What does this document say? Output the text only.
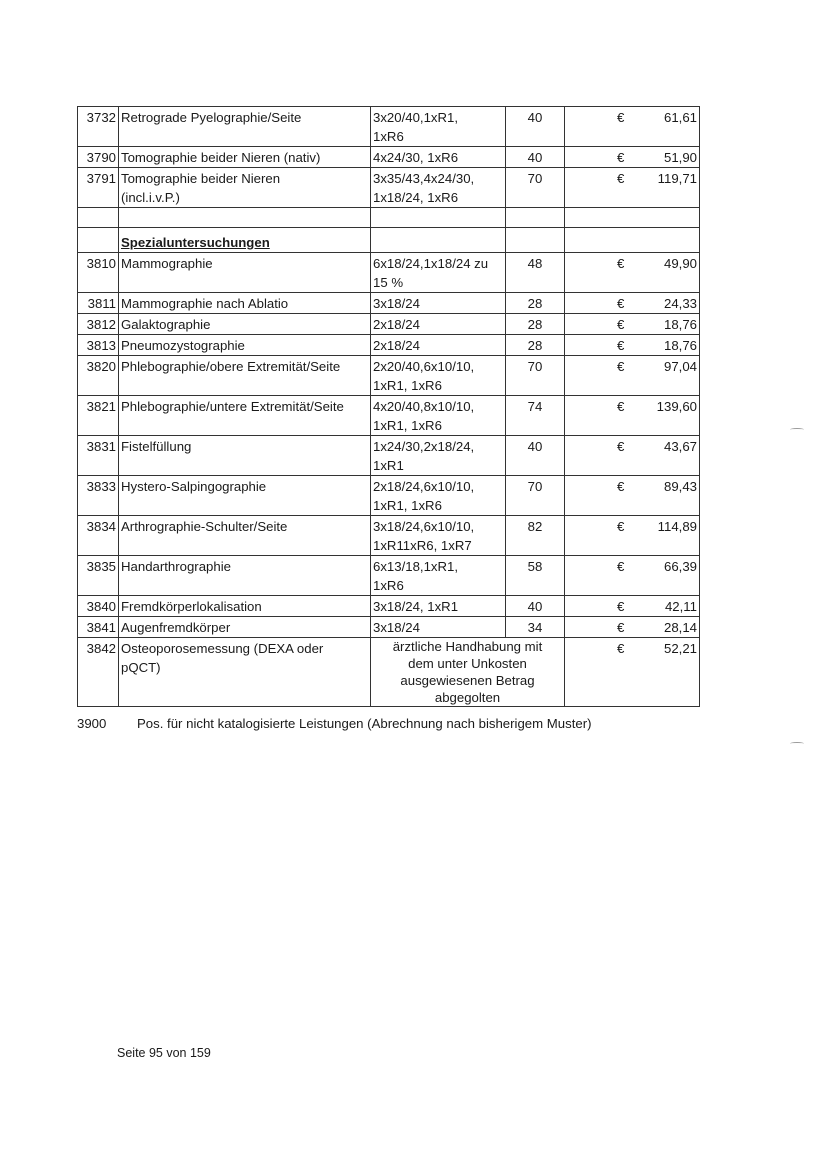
3732	Retrograde Pyelographie/Seite	3x20/40,1xR1,
1xR6	40	€ 61,61

3790	Tomographie beider Nieren (nativ)	4x24/30, 1xR6	40	€ 51,90

3791	Tomographie beider Nieren
(incl.i.v.P.)	3x35/43,4x24/30,
1x18/24, 1xR6	70	€ 119,71

	Spezialuntersuchungen			
3810	Mammographie	6x18/24,1x18/24 zu
15 %	48	€ 49,90

3811	Mammographie nach Ablatio	3x18/24	28	€ 24,33

3812	Galaktographie	2x18/24	28	€ 18,76

3813	Pneumozystographie	2x18/24	28	€ 18,76

3820	Phlebographie/obere Extremität/Seite	2x20/40,6x10/10,
1xR1, 1xR6	70	€ 97,04

3821	Phlebographie/untere Extremität/Seite	4x20/40,8x10/10,
1xR1, 1xR6	74	€ 139,60

3831	Fistelfüllung	1x24/30,2x18/24,
1xR1	40	€ 43,67

3833	Hystero-Salpingographie	2x18/24,6x10/10,
1xR1, 1xR6	70	€ 89,43

3834	Arthrographie-Schulter/Seite	3x18/24,6x10/10,
1xR11xR6, 1xR7	82	€ 114,89

3835	Handarthrographie	6x13/18,1xR1,
1xR6	58	€ 66,39

3840	Fremdkörperlokalisation	3x18/24, 1xR1	40	€ 42,11

3841	Augenfremdkörper	3x18/24	34	€ 28,14

3842	Osteoporosemessung (DEXA oder
pQCT)	ärztliche Handhabung mit
dem unter Unkosten
ausgewiesenen Betrag
abgegolten		€ 52,21
3900 Pos. für nicht katalogisierte Leistungen (Abrechnung nach bisherigem Muster)
Seite 95 von 159
